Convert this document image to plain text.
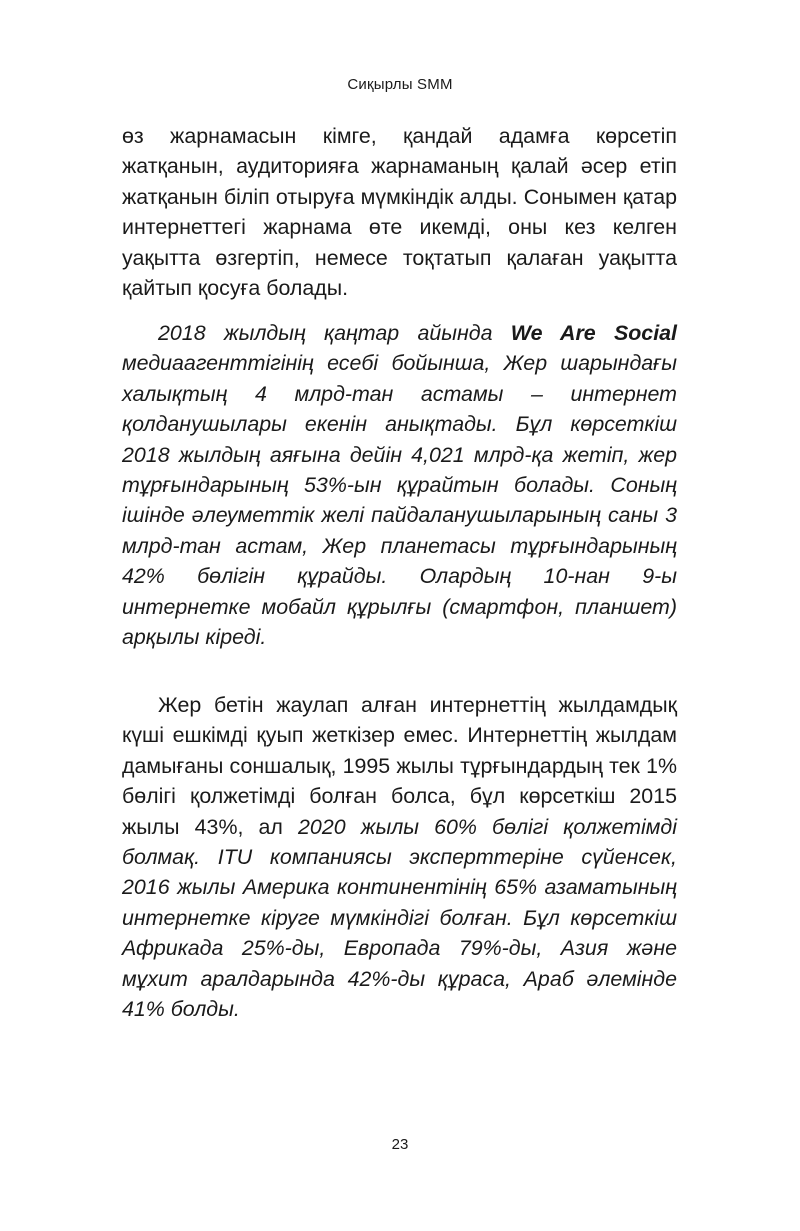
Сиқырлы SMM

өз жарнамасын кімге, қандай адамға көрсетіп жатқанын, аудиторияға жарнаманың қалай әсер етіп жатқанын біліп отыруға мүмкіндік алды. Сонымен қатар интернеттегі жарнама өте икемді, оны кез келген уақытта өзгертіп, немесе тоқтатып қалаған уақытта қайтып қосуға болады.

2018 жылдың қаңтар айында We Are Social медиаагенттігінің есебі бойынша, Жер шарындағы халықтың 4 млрд-тан астамы – интернет қолданушылары екенін анықтады. Бұл көрсеткіш 2018 жылдың аяғына дейін 4,021 млрд-қа жетіп, жер тұрғындарының 53%-ын құрайтын болады. Соның ішінде әлеуметтік желі пайдаланушыларының саны 3 млрд-тан астам, Жер планетасы тұрғындарының 42% бөлігін құрайды. Олардың 10-нан 9-ы интернетке мобайл құрылғы (смартфон, планшет) арқылы кіреді.

Жер бетін жаулап алған интернеттің жылдамдық күші ешкімді қуып жеткізер емес. Интернеттің жылдам дамығаны соншалық, 1995 жылы тұрғындардың тек 1% бөлігі қолжетімді болған болса, бұл көрсеткіш 2015 жылы 43%, ал 2020 жылы 60% бөлігі қолжетімді болмақ. ITU компаниясы эксперттеріне сүйенсек, 2016 жылы Америка континентінің 65% азаматының интернетке кіруге мүмкіндігі болған. Бұл көрсеткіш Африкада 25%-ды, Европада 79%-ды, Азия және мұхит аралдарында 42%-ды құраса, Араб әлемінде 41% болды.

23
